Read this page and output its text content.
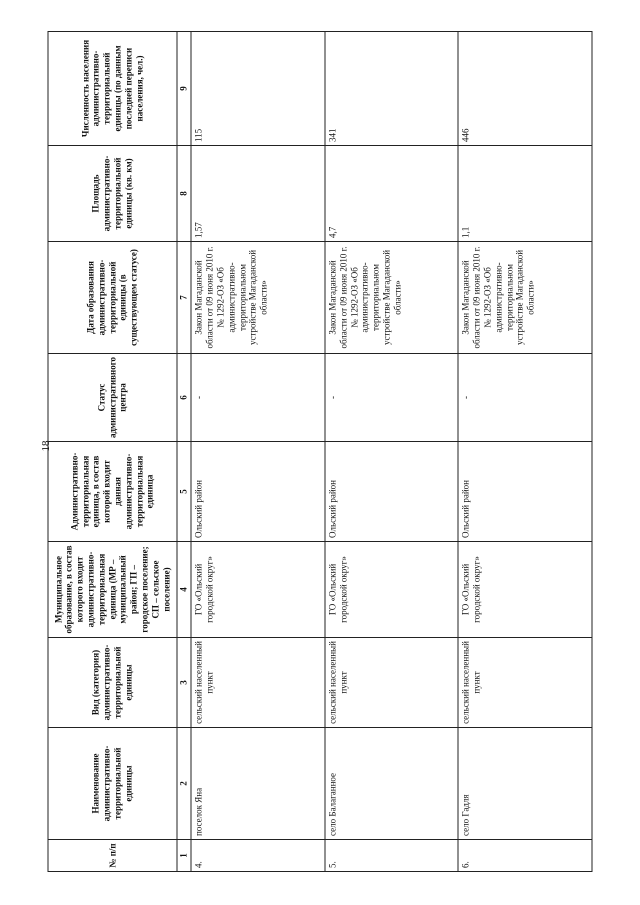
18
№ п/п	Наименование административно-территориальной единицы	Вид (категория) административно-территориальной единицы	Муниципальное образование, в состав которого входит административно-территориальная единица (МР – муниципальный район; ГП – городское поселение; СП – сельское поселение)	Административно-территориальная единица, в состав которой входит данная административно-территориальная единица	Статус административного центра	Дата образования административно-территориальной единицы (в существующем статусе)	Площадь административно-территориальной единицы (кв. км)	Численность населения административно-территориальной единицы (по данным последней переписи населения, чел.)
1	2	3	4	5	6	7	8	9
4.	поселок Яна	сельский населенный пункт	ГО «Ольский городской округ»	Ольский район	-	Закон Магаданской области от 09 июня 2010 г. № 1292-ОЗ «Об административно-территориальном устройстве Магаданской области»	1,57	115
5.	село Балаганное	сельский населенный пункт	ГО «Ольский городской округ»	Ольский район	-	Закон Магаданской области от 09 июня 2010 г. № 1292-ОЗ «Об административно-территориальном устройстве Магаданской области»	4,7	341
6.	село Гадля	сельский населенный пункт	ГО «Ольский городской округ»	Ольский район	-	Закон Магаданской области от 09 июня 2010 г. № 1292-ОЗ «Об административно-территориальном устройстве Магаданской области»	1,1	446
